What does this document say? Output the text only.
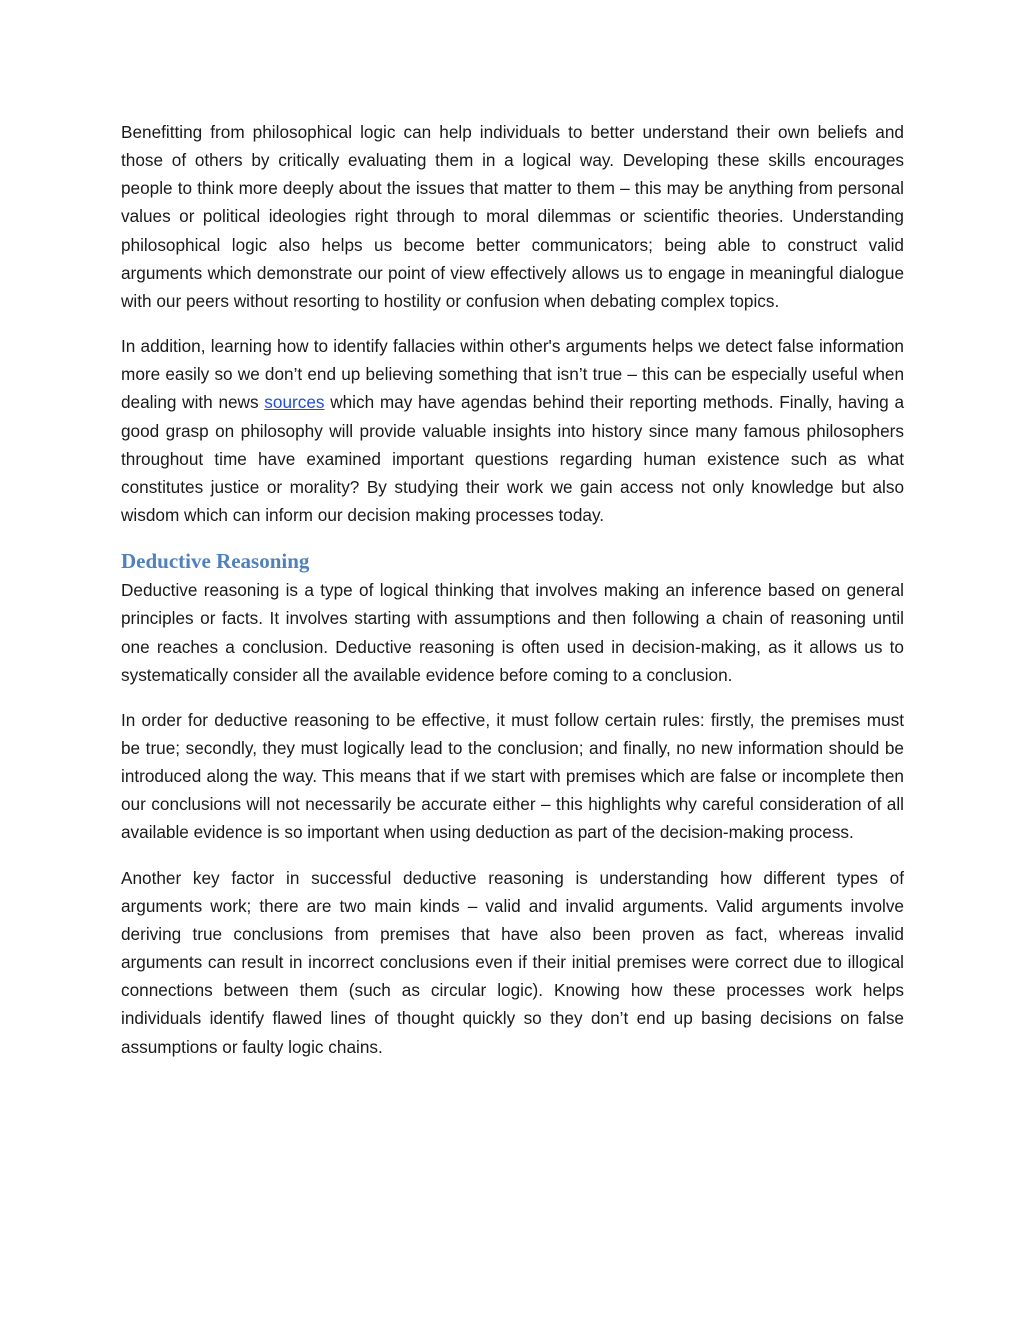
Benefitting from philosophical logic can help individuals to better understand their own beliefs and those of others by critically evaluating them in a logical way. Developing these skills encourages people to think more deeply about the issues that matter to them – this may be anything from personal values or political ideologies right through to moral dilemmas or scientific theories. Understanding philosophical logic also helps us become better communicators; being able to construct valid arguments which demonstrate our point of view effectively allows us to engage in meaningful dialogue with our peers without resorting to hostility or confusion when debating complex topics.

In addition, learning how to identify fallacies within other's arguments helps we detect false information more easily so we don’t end up believing something that isn’t true – this can be especially useful when dealing with news sources which may have agendas behind their reporting methods. Finally, having a good grasp on philosophy will provide valuable insights into history since many famous philosophers throughout time have examined important questions regarding human existence such as what constitutes justice or morality? By studying their work we gain access not only knowledge but also wisdom which can inform our decision making processes today.

Deductive Reasoning

Deductive reasoning is a type of logical thinking that involves making an inference based on general principles or facts. It involves starting with assumptions and then following a chain of reasoning until one reaches a conclusion. Deductive reasoning is often used in decision-making, as it allows us to systematically consider all the available evidence before coming to a conclusion.

In order for deductive reasoning to be effective, it must follow certain rules: firstly, the premises must be true; secondly, they must logically lead to the conclusion; and finally, no new information should be introduced along the way. This means that if we start with premises which are false or incomplete then our conclusions will not necessarily be accurate either – this highlights why careful consideration of all available evidence is so important when using deduction as part of the decision-making process.

Another key factor in successful deductive reasoning is understanding how different types of arguments work; there are two main kinds – valid and invalid arguments. Valid arguments involve deriving true conclusions from premises that have also been proven as fact, whereas invalid arguments can result in incorrect conclusions even if their initial premises were correct due to illogical connections between them (such as circular logic). Knowing how these processes work helps individuals identify flawed lines of thought quickly so they don’t end up basing decisions on false assumptions or faulty logic chains.
